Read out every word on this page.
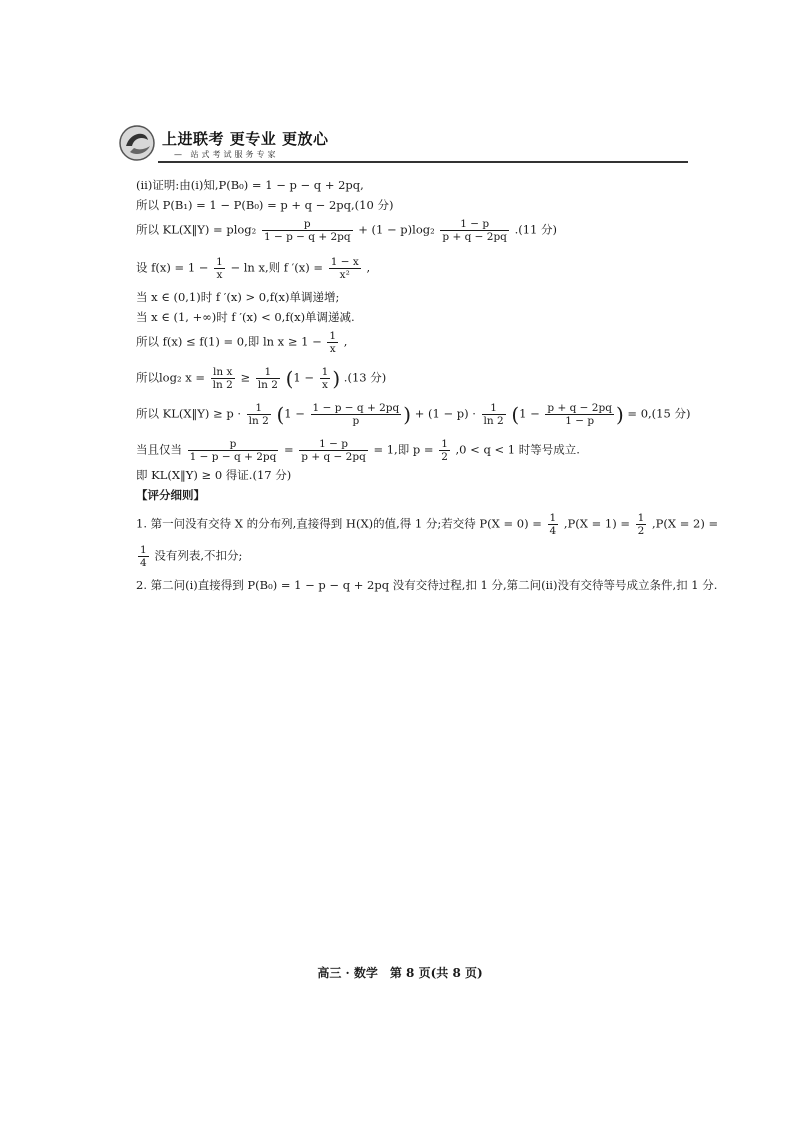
上进联考 更专业 更放心
— 站式考试服务专家
(ⅱ)证明:由(ⅰ)知,P(B₀) = 1 − p − q + 2pq,
所以 P(B₁) = 1 − P(B₀) = p + q − 2pq,(10 分)
所以 KL(X‖Y) = $plog_2 \frac{p}{1 - p - q + 2pq} + (1 - p)\log_2 \frac{1 - p}{p + q - 2pq} .(11$ 分)
设 $f(x) = 1 - \frac{1}{x} - \ln x$,则 f $'(x) = \frac{1 - x}{\text{x²}}$ ,
当 x ∈ (0,1)时 f ′(x) > 0,f(x)单调递增;
当 x ∈ (1, +∞)时 f ′(x) < 0,f(x)单调递减.
所以 f(x) ≤ f(1) = 0,即 $\ln x \ge 1 - \frac{1}{x}$ ,
所以log₂ $x = \frac{\text{ln x}}{\ln 2} \ge \frac{1}{\ln 2} (1 - \frac{1}{x}$ ) .(13 分)
所以 KL(X‖Y) ≥ $p \cdot \frac{1}{\ln 2} (1 - \frac{1 - p - q + 2pq}{p}$ ) + $(1 - p) \cdot \frac{1}{\ln 2} (1 - \frac{p + q - 2pq}{1 - p}$ ) = 0,(15 分)
当且仅当 $\frac{p}{1 - p - q + 2pq} = \frac{1 - p}{p + q - 2pq} = 1$,即 $p = \frac{1}{2} ,0 < q < 1$ 时等号成立.
即 KL(X‖Y) ≥ 0 得证.(17 分)
【评分细则】
1. 第一问没有交待 X 的分布列,直接得到 H(X)的值,得 1 分;若交待 $P(X = 0) = \frac{1}{4} ,P(X = 1) = \frac{1}{2} ,P(X = 2)$ =
$\frac{1}{4}$ 没有列表,不扣分;
2. 第二问(ⅰ)直接得到 P(B₀) = 1 − p − q + 2pq 没有交待过程,扣 1 分,第二问(ⅱ)没有交待等号成立条件,扣 1 分.
高三 · 数学　第 8 页(共 8 页)
